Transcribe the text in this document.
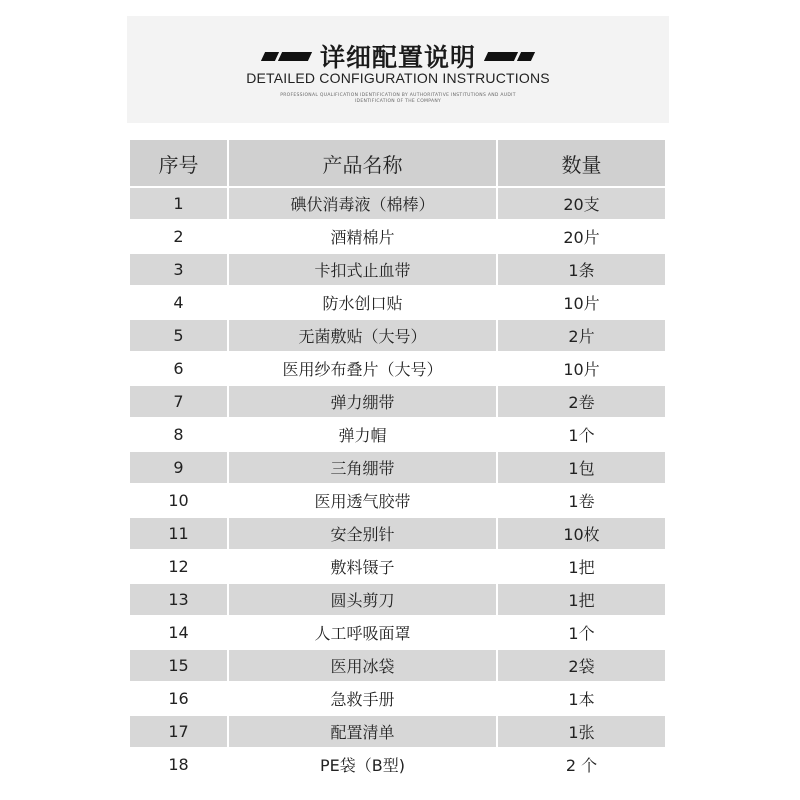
详细配置说明
DETAILED CONFIGURATION INSTRUCTIONS
PROFESSIONAL QUALIFICATION IDENTIFICATION BY AUTHORITATIVE INSTITUTIONS AND AUDIT
IDENTIFICATION OF THE COMPANY
序号	产品名称	数量
1	碘伏消毒液（棉棒）	20支
2	酒精棉片	20片
3	卡扣式止血带	1条
4	防水创口贴	10片
5	无菌敷贴（大号）	2片
6	医用纱布叠片（大号）	10片
7	弹力绷带	2卷
8	弹力帽	1个
9	三角绷带	1包
10	医用透气胶带	1卷
11	安全别针	10枚
12	敷料镊子	1把
13	圆头剪刀	1把
14	人工呼吸面罩	1个
15	医用冰袋	2袋
16	急救手册	1本
17	配置清单	1张
18	PE袋（B型)	2 个
